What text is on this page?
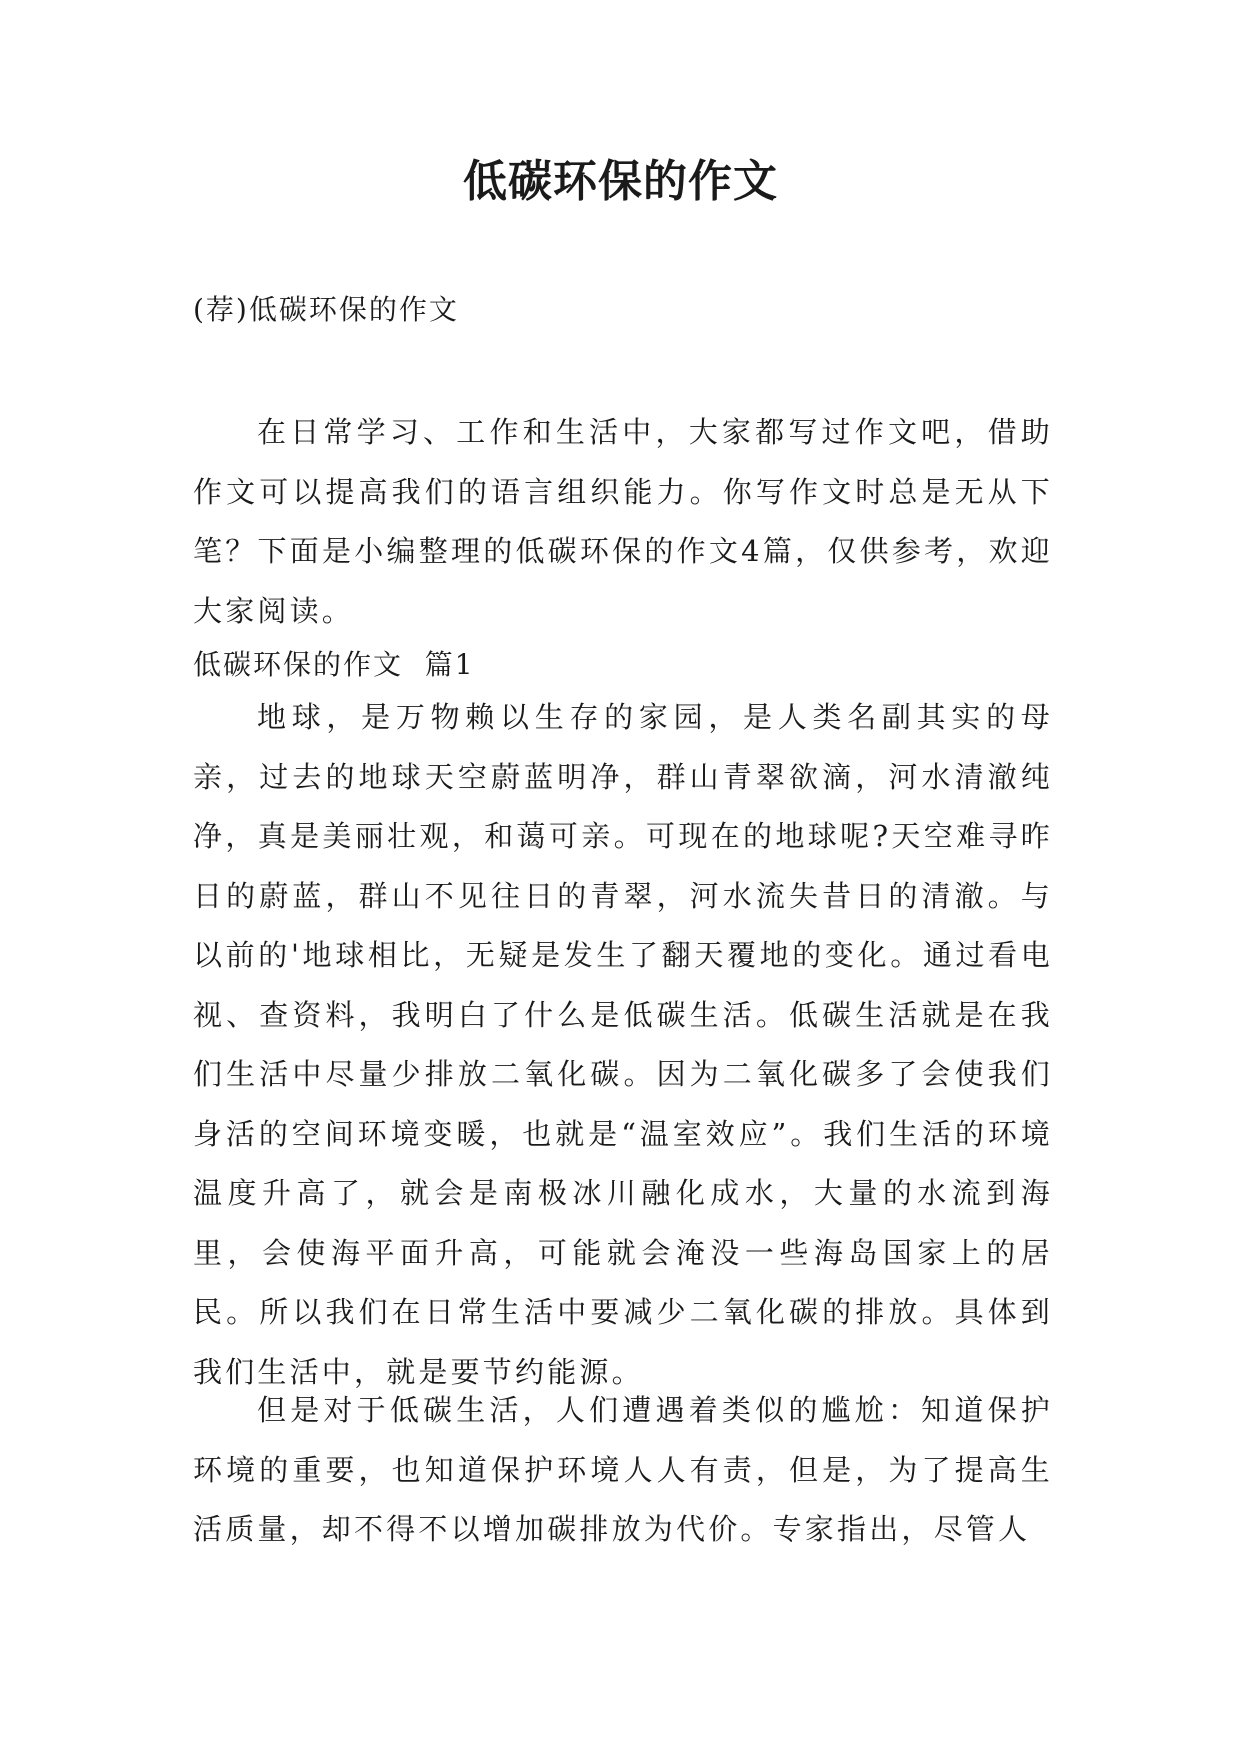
低碳环保的作文

(荐)低碳环保的作文

在日常学习、工作和生活中，大家都写过作文吧，借助作文可以提高我们的语言组织能力。你写作文时总是无从下笔？下面是小编整理的低碳环保的作文4篇，仅供参考，欢迎大家阅读。

低碳环保的作文  篇1

地球，是万物赖以生存的家园，是人类名副其实的母亲，过去的地球天空蔚蓝明净，群山青翠欲滴，河水清澈纯净，真是美丽壮观，和蔼可亲。可现在的地球呢?天空难寻昨日的蔚蓝，群山不见往日的青翠，河水流失昔日的清澈。与以前的'地球相比，无疑是发生了翻天覆地的变化。通过看电视、查资料，我明白了什么是低碳生活。低碳生活就是在我们生活中尽量少排放二氧化碳。因为二氧化碳多了会使我们身活的空间环境变暖，也就是“温室效应”。我们生活的环境温度升高了，就会是南极冰川融化成水，大量的水流到海里，会使海平面升高，可能就会淹没一些海岛国家上的居民。所以我们在日常生活中要减少二氧化碳的排放。具体到我们生活中，就是要节约能源。

但是对于低碳生活，人们遭遇着类似的尴尬：知道保护环境的重要，也知道保护环境人人有责，但是，为了提高生活质量，却不得不以增加碳排放为代价。专家指出，尽管人
